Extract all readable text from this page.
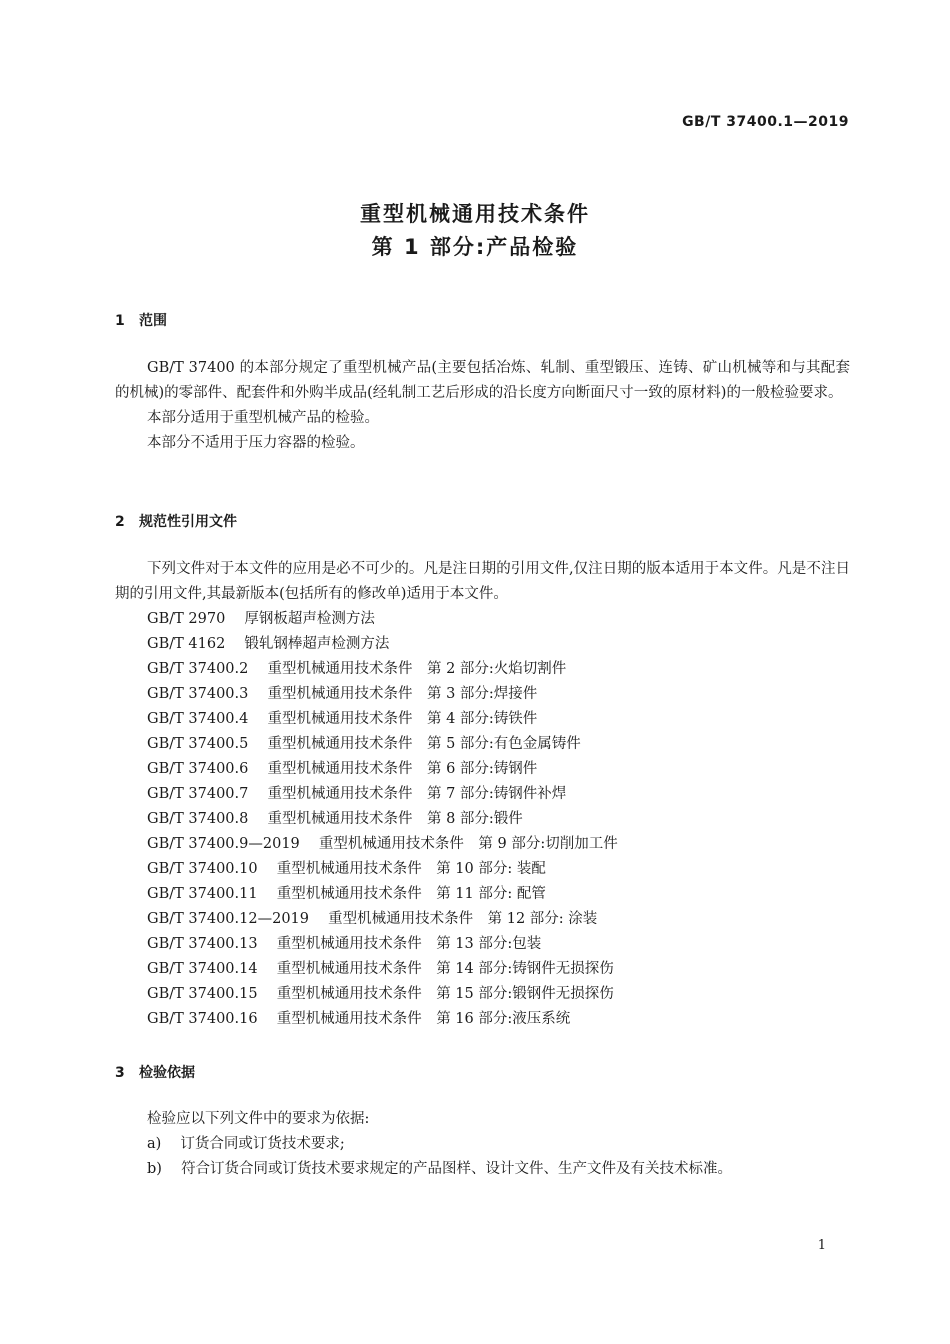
GB/T 37400.1—2019
重型机械通用技术条件
第 1 部分:产品检验
1 范围

GB/T 37400 的本部分规定了重型机械产品(主要包括冶炼、轧制、重型锻压、连铸、矿山机械等和与其配套的机械)的零部件、配套件和外购半成品(经轧制工艺后形成的沿长度方向断面尺寸一致的原材料)的一般检验要求。

本部分适用于重型机械产品的检验。

本部分不适用于压力容器的检验。

2 规范性引用文件

下列文件对于本文件的应用是必不可少的。凡是注日期的引用文件,仅注日期的版本适用于本文件。凡是不注日期的引用文件,其最新版本(包括所有的修改单)适用于本文件。

GB/T 2970　 厚钢板超声检测方法
GB/T 4162　 锻轧钢棒超声检测方法
GB/T 37400.2　 重型机械通用技术条件　第 2 部分:火焰切割件
GB/T 37400.3　 重型机械通用技术条件　第 3 部分:焊接件
GB/T 37400.4　 重型机械通用技术条件　第 4 部分:铸铁件
GB/T 37400.5　 重型机械通用技术条件　第 5 部分:有色金属铸件
GB/T 37400.6　 重型机械通用技术条件　第 6 部分:铸钢件
GB/T 37400.7　 重型机械通用技术条件　第 7 部分:铸钢件补焊
GB/T 37400.8　 重型机械通用技术条件　第 8 部分:锻件
GB/T 37400.9—2019　 重型机械通用技术条件　第 9 部分:切削加工件
GB/T 37400.10　 重型机械通用技术条件　第 10 部分: 装配
GB/T 37400.11　 重型机械通用技术条件　第 11 部分: 配管
GB/T 37400.12—2019　 重型机械通用技术条件　第 12 部分: 涂装
GB/T 37400.13　 重型机械通用技术条件　第 13 部分:包装
GB/T 37400.14　 重型机械通用技术条件　第 14 部分:铸钢件无损探伤
GB/T 37400.15　 重型机械通用技术条件　第 15 部分:锻钢件无损探伤
GB/T 37400.16　 重型机械通用技术条件　第 16 部分:液压系统
3 检验依据
检验应以下列文件中的要求为依据:
a)　 订货合同或订货技术要求;
b)　 符合订货合同或订货技术要求规定的产品图样、设计文件、生产文件及有关技术标准。
1
